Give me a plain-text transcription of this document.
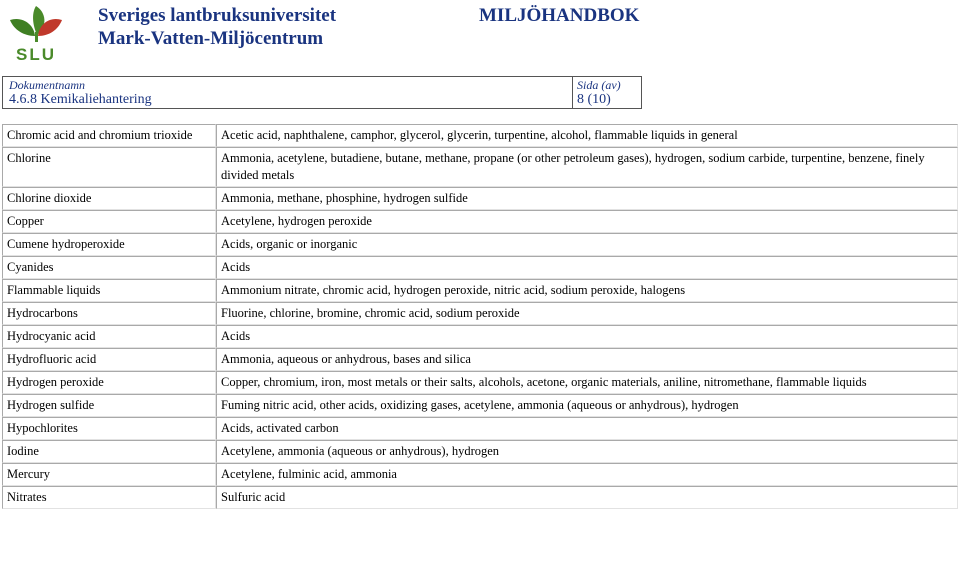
SLU
Sveriges lantbruksuniversitet
Mark-Vatten-Miljöcentrum
MILJÖHANDBOK
Dokumentnamn
4.6.8 Kemikaliehantering
Sida (av)
8 (10)
Chromic acid and chromium trioxide	Acetic acid, naphthalene, camphor, glycerol, glycerin, turpentine, alcohol, flammable liquids in general
Chlorine	Ammonia, acetylene, butadiene, butane, methane, propane (or other petroleum gases), hydrogen, sodium carbide, turpentine, benzene, finely divided metals
Chlorine dioxide	Ammonia, methane, phosphine, hydrogen sulfide
Copper	Acetylene, hydrogen peroxide
Cumene hydroperoxide	Acids, organic or inorganic
Cyanides	Acids
Flammable liquids	Ammonium nitrate, chromic acid, hydrogen peroxide, nitric acid, sodium peroxide, halogens
Hydrocarbons	Fluorine, chlorine, bromine, chromic acid, sodium peroxide
Hydrocyanic acid	Acids
Hydrofluoric acid	Ammonia, aqueous or anhydrous, bases and silica
Hydrogen peroxide	Copper, chromium, iron, most metals or their salts, alcohols, acetone, organic materials, aniline, nitromethane, flammable liquids
Hydrogen sulfide	Fuming nitric acid, other acids, oxidizing gases, acetylene, ammonia (aqueous or anhydrous), hydrogen
Hypochlorites	Acids, activated carbon
Iodine	Acetylene, ammonia (aqueous or anhydrous), hydrogen
Mercury	Acetylene, fulminic acid, ammonia
Nitrates	Sulfuric acid
